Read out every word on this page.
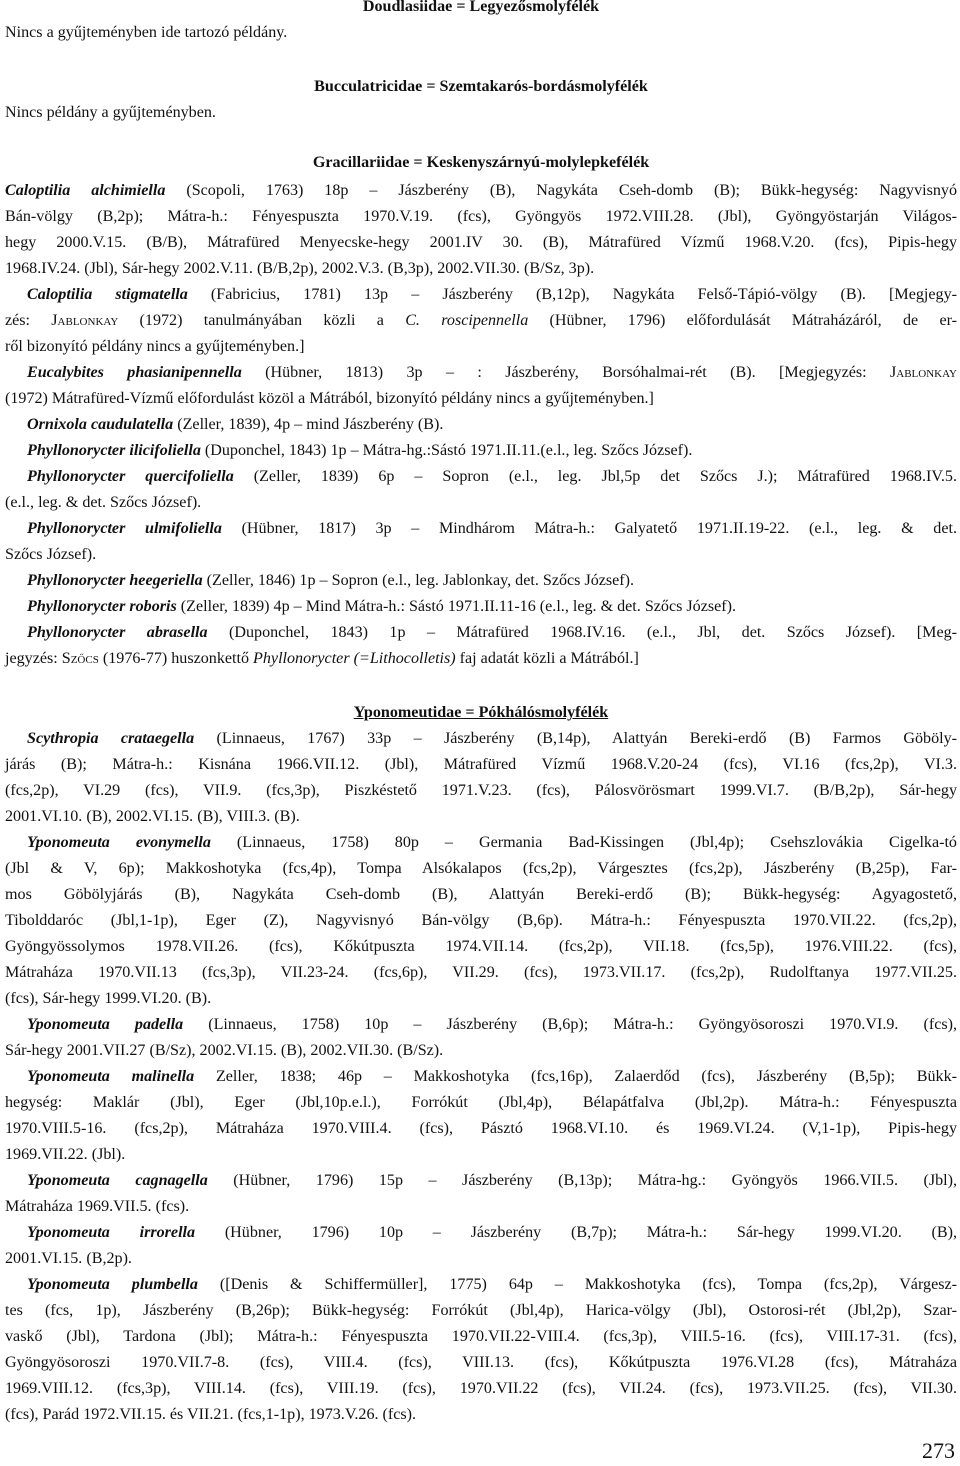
Doudlasiidae = Legyezősmolyfélék
Nincs a gyűjteményben ide tartozó példány.
Bucculatricidae = Szemtakarós-bordásmolyfélék
Nincs példány a gyűjteményben.
Gracillariidae = Keskenyszárnyú-molylepkefélék
Caloptilia alchimiella (Scopoli, 1763) 18p – Jászberény (B), Nagykáta Cseh-domb (B); Bükk-hegység: Nagyvisnyó
Bán-völgy (B,2p); Mátra-h.: Fényespuszta 1970.V.19. (fcs), Gyöngyös 1972.VIII.28. (Jbl), Gyöngyöstarján Világos-
hegy 2000.V.15. (B/B), Mátrafüred Menyecske-hegy 2001.IV 30. (B), Mátrafüred Vízmű 1968.V.20. (fcs), Pipis-hegy
1968.IV.24. (Jbl), Sár-hegy 2002.V.11. (B/B,2p), 2002.V.3. (B,3p), 2002.VII.30. (B/Sz, 3p).
Caloptilia stigmatella (Fabricius, 1781) 13p – Jászberény (B,12p), Nagykáta Felső-Tápió-völgy (B). [Megjegy-
zés: Jablonkay (1972) tanulmányában közli a C. roscipennella (Hübner, 1796) előfordulását Mátraházáról, de er-
ről bizonyító példány nincs a gyűjteményben.]
Eucalybites phasianipennella (Hübner, 1813) 3p – : Jászberény, Borsóhalmai-rét (B). [Megjegyzés: Jablonkay
(1972) Mátrafüred-Vízmű előfordulást közöl a Mátrából, bizonyító példány nincs a gyűjteményben.]
Ornixola caudulatella (Zeller, 1839), 4p – mind Jászberény (B).
Phyllonorycter ilicifoliella (Duponchel, 1843) 1p – Mátra-hg.:Sástó 1971.II.11.(e.l., leg. Szőcs József).
Phyllonorycter quercifoliella (Zeller, 1839) 6p – Sopron (e.l., leg. Jbl,5p det Szőcs J.); Mátrafüred 1968.IV.5.
(e.l., leg. & det. Szőcs József).
Phyllonorycter ulmifoliella (Hübner, 1817) 3p – Mindhárom Mátra-h.: Galyatető 1971.II.19-22. (e.l., leg. & det.
Szőcs József).
Phyllonorycter heegeriella (Zeller, 1846) 1p – Sopron (e.l., leg. Jablonkay, det. Szőcs József).
Phyllonorycter roboris (Zeller, 1839) 4p – Mind Mátra-h.: Sástó 1971.II.11-16 (e.l., leg. & det. Szőcs József).
Phyllonorycter abrasella (Duponchel, 1843) 1p – Mátrafüred 1968.IV.16. (e.l., Jbl, det. Szőcs József). [Meg-
jegyzés: Szőcs (1976-77) huszonkettő Phyllonorycter (=Lithocolletis) faj adatát közli a Mátrából.]
Yponomeutidae = Pókhálósmolyfélék
Scythropia crataegella (Linnaeus, 1767) 33p – Jászberény (B,14p), Alattyán Bereki-erdő (B) Farmos Göböly-
járás (B); Mátra-h.: Kisnána 1966.VII.12. (Jbl), Mátrafüred Vízmű 1968.V.20-24 (fcs), VI.16 (fcs,2p), VI.3.
(fcs,2p), VI.29 (fcs), VII.9. (fcs,3p), Piszkéstető 1971.V.23. (fcs), Pálosvörösmart 1999.VI.7. (B/B,2p), Sár-hegy
2001.VI.10. (B), 2002.VI.15. (B), VIII.3. (B).
Yponomeuta evonymella (Linnaeus, 1758) 80p – Germania Bad-Kissingen (Jbl,4p); Csehszlovákia Cigelka-tó
(Jbl & V, 6p); Makkoshotyka (fcs,4p), Tompa Alsókalapos (fcs,2p), Várgesztes (fcs,2p), Jászberény (B,25p), Far-
mos Göbölyjárás (B), Nagykáta Cseh-domb (B), Alattyán Bereki-erdő (B); Bükk-hegység: Agyagostető,
Tibolddaróc (Jbl,1-1p), Eger (Z), Nagyvisnyó Bán-völgy (B,6p). Mátra-h.: Fényespuszta 1970.VII.22. (fcs,2p),
Gyöngyössolymos 1978.VII.26. (fcs), Kőkútpuszta 1974.VII.14. (fcs,2p), VII.18. (fcs,5p), 1976.VIII.22. (fcs),
Mátraháza 1970.VII.13 (fcs,3p), VII.23-24. (fcs,6p), VII.29. (fcs), 1973.VII.17. (fcs,2p), Rudolftanya 1977.VII.25.
(fcs), Sár-hegy 1999.VI.20. (B).
Yponomeuta padella (Linnaeus, 1758) 10p – Jászberény (B,6p); Mátra-h.: Gyöngyösoroszi 1970.VI.9. (fcs),
Sár-hegy 2001.VII.27 (B/Sz), 2002.VI.15. (B), 2002.VII.30. (B/Sz).
Yponomeuta malinella Zeller, 1838; 46p – Makkoshotyka (fcs,16p), Zalaerdőd (fcs), Jászberény (B,5p); Bükk-
hegység: Maklár (Jbl), Eger (Jbl,10p.e.l.), Forrókút (Jbl,4p), Bélapátfalva (Jbl,2p). Mátra-h.: Fényespuszta
1970.VIII.5-16. (fcs,2p), Mátraháza 1970.VIII.4. (fcs), Pásztó 1968.VI.10. és 1969.VI.24. (V,1-1p), Pipis-hegy
1969.VII.22. (Jbl).
Yponomeuta cagnagella (Hübner, 1796) 15p – Jászberény (B,13p); Mátra-hg.: Gyöngyös 1966.VII.5. (Jbl),
Mátraháza 1969.VII.5. (fcs).
Yponomeuta irrorella (Hübner, 1796) 10p – Jászberény (B,7p); Mátra-h.: Sár-hegy 1999.VI.20. (B),
2001.VI.15. (B,2p).
Yponomeuta plumbella ([Denis & Schiffermüller], 1775) 64p – Makkoshotyka (fcs), Tompa (fcs,2p), Várgesz-
tes (fcs, 1p), Jászberény (B,26p); Bükk-hegység: Forrókút (Jbl,4p), Harica-völgy (Jbl), Ostorosi-rét (Jbl,2p), Szar-
vaskő (Jbl), Tardona (Jbl); Mátra-h.: Fényespuszta 1970.VII.22-VIII.4. (fcs,3p), VIII.5-16. (fcs), VIII.17-31. (fcs),
Gyöngyösoroszi 1970.VII.7-8. (fcs), VIII.4. (fcs), VIII.13. (fcs), Kőkútpuszta 1976.VI.28 (fcs), Mátraháza
1969.VIII.12. (fcs,3p), VIII.14. (fcs), VIII.19. (fcs), 1970.VII.22 (fcs), VII.24. (fcs), 1973.VII.25. (fcs), VII.30.
(fcs), Parád 1972.VII.15. és VII.21. (fcs,1-1p), 1973.V.26. (fcs).
273
